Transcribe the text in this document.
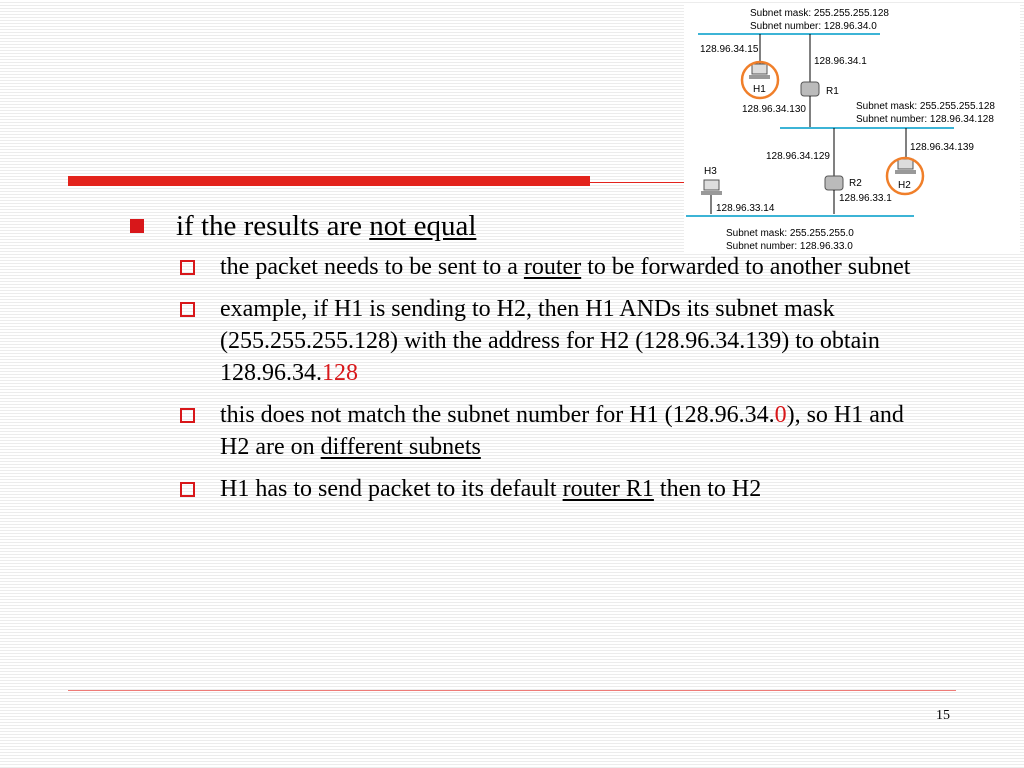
Subnet mask: 255.255.255.128
Subnet number: 128.96.34.0
128.96.34.15
128.96.34.1
H1	R1
128.96.34.130	Subnet mask: 255.255.255.128
Subnet number: 128.96.34.128
128.96.34.129
128.96.34.139
H2
H3
R2
128.96.33.1
128.96.33.14
Subnet mask: 255.255.255.0
Subnet number: 128.96.33.0
if the results are not equal
the packet needs to be sent to a router to be forwarded to another subnet
example, if H1 is sending to H2, then H1 ANDs its subnet mask (255.255.255.128) with the address for H2 (128.96.34.139) to obtain 128.96.34.128
this does not match the subnet number for H1 (128.96.34.0), so H1 and H2 are on different subnets
H1 has to send packet to its default router R1 then to H2
15
